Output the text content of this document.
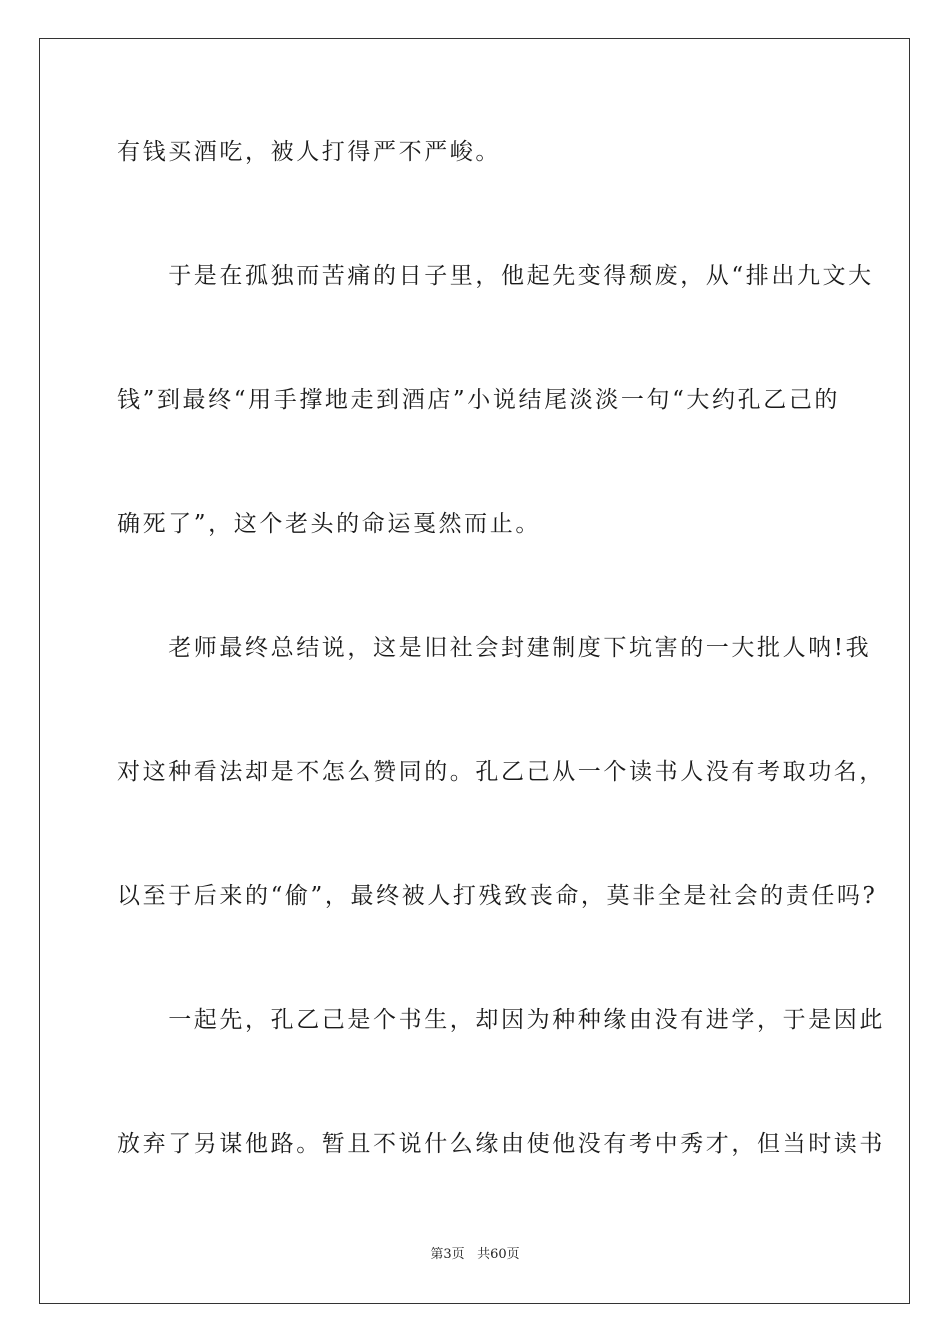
有钱买酒吃，被人打得严不严峻。
　　于是在孤独而苦痛的日子里，他起先变得颓废，从“排出九文大
钱”到最终“用手撑地走到酒店”小说结尾淡淡一句“大约孔乙己的
确死了”，这个老头的命运戛然而止。
　　老师最终总结说，这是旧社会封建制度下坑害的一大批人呐!我
对这种看法却是不怎么赞同的。孔乙己从一个读书人没有考取功名，
以至于后来的“偷”，最终被人打残致丧命，莫非全是社会的责任吗?
　　一起先，孔乙己是个书生，却因为种种缘由没有进学，于是因此
放弃了另谋他路。暂且不说什么缘由使他没有考中秀才，但当时读书
第3页 共60页
